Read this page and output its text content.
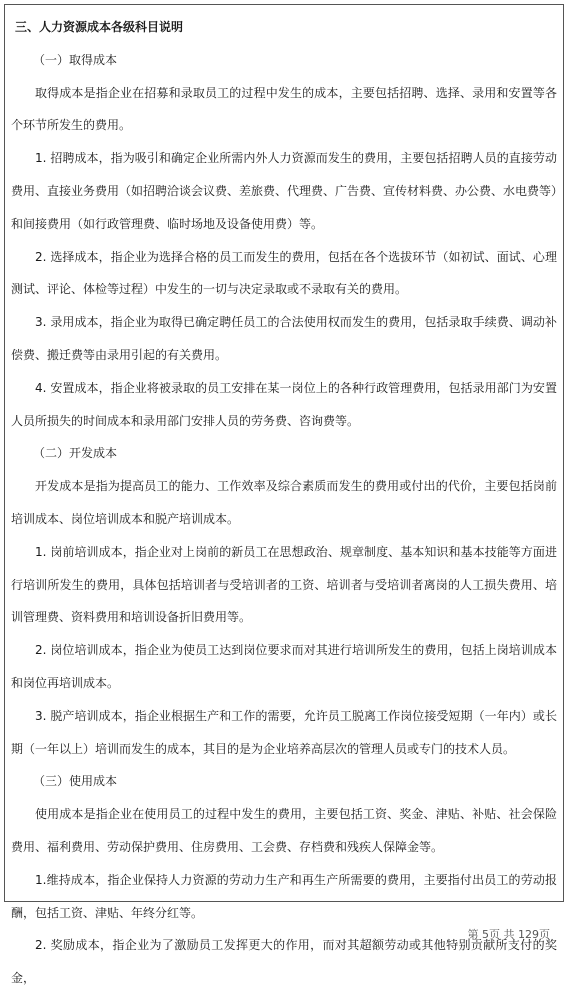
三、人力资源成本各级科目说明
（一）取得成本
取得成本是指企业在招募和录取员工的过程中发生的成本，主要包括招聘、选择、录用和安置等各个环节所发生的费用。
1. 招聘成本，指为吸引和确定企业所需内外人力资源而发生的费用，主要包括招聘人员的直接劳动费用、直接业务费用（如招聘洽谈会议费、差旅费、代理费、广告费、宣传材料费、办公费、水电费等）和间接费用（如行政管理费、临时场地及设备使用费）等。
2. 选择成本，指企业为选择合格的员工而发生的费用，包括在各个选拔环节（如初试、面试、心理测试、评论、体检等过程）中发生的一切与决定录取或不录取有关的费用。
3. 录用成本，指企业为取得已确定聘任员工的合法使用权而发生的费用，包括录取手续费、调动补偿费、搬迁费等由录用引起的有关费用。
4. 安置成本，指企业将被录取的员工安排在某一岗位上的各种行政管理费用，包括录用部门为安置人员所损失的时间成本和录用部门安排人员的劳务费、咨询费等。
（二）开发成本
开发成本是指为提高员工的能力、工作效率及综合素质而发生的费用或付出的代价，主要包括岗前培训成本、岗位培训成本和脱产培训成本。
1. 岗前培训成本，指企业对上岗前的新员工在思想政治、规章制度、基本知识和基本技能等方面进行培训所发生的费用，具体包括培训者与受培训者的工资、培训者与受培训者离岗的人工损失费用、培训管理费、资料费用和培训设备折旧费用等。
2. 岗位培训成本，指企业为使员工达到岗位要求而对其进行培训所发生的费用，包括上岗培训成本和岗位再培训成本。
3. 脱产培训成本，指企业根据生产和工作的需要，允许员工脱离工作岗位接受短期（一年内）或长期（一年以上）培训而发生的成本，其目的是为企业培养高层次的管理人员或专门的技术人员。
（三）使用成本
使用成本是指企业在使用员工的过程中发生的费用，主要包括工资、奖金、津贴、补贴、社会保险费用、福利费用、劳动保护费用、住房费用、工会费、存档费和残疾人保障金等。
1.维持成本，指企业保持人力资源的劳动力生产和再生产所需要的费用，主要指付出员工的劳动报酬，包括工资、津贴、年终分红等。
2. 奖励成本，指企业为了激励员工发挥更大的作用，而对其超额劳动或其他特别贡献所支付的奖金，
第 5页 共 129页
